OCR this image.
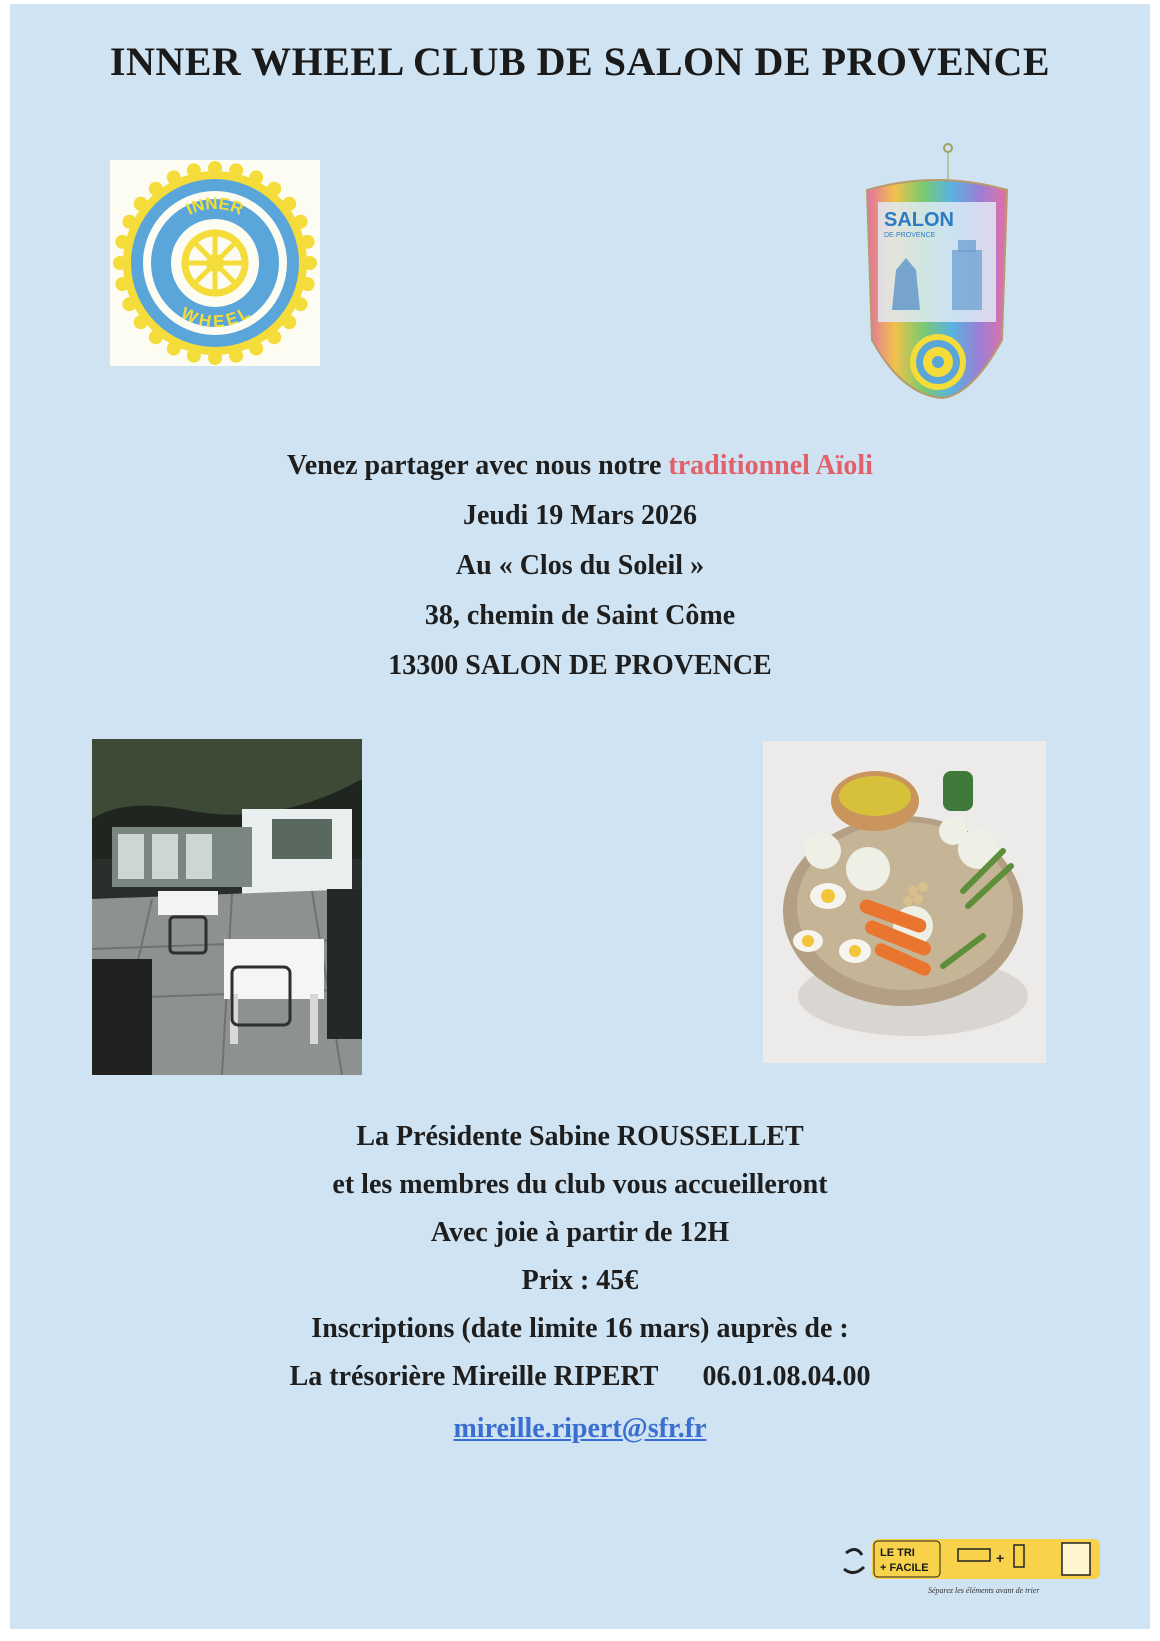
INNER WHEEL CLUB DE SALON DE PROVENCE
INNER
WHEEL
SALON
DE·PROVENCE
Venez partager avec nous notre traditionnel Aïoli
Jeudi 19 Mars 2026
Au « Clos du Soleil »
38, chemin de Saint Côme
13300 SALON DE PROVENCE
La Présidente Sabine ROUSSELLET
et les membres du club vous accueilleront
Avec joie à partir de 12H
Prix : 45€
Inscriptions (date limite 16 mars) auprès de :
La trésorière Mireille RIPERT 06.01.08.04.00
mireille.ripert@sfr.fr
LE TRI
+ FACILE
+
Séparez les éléments avant de trier
